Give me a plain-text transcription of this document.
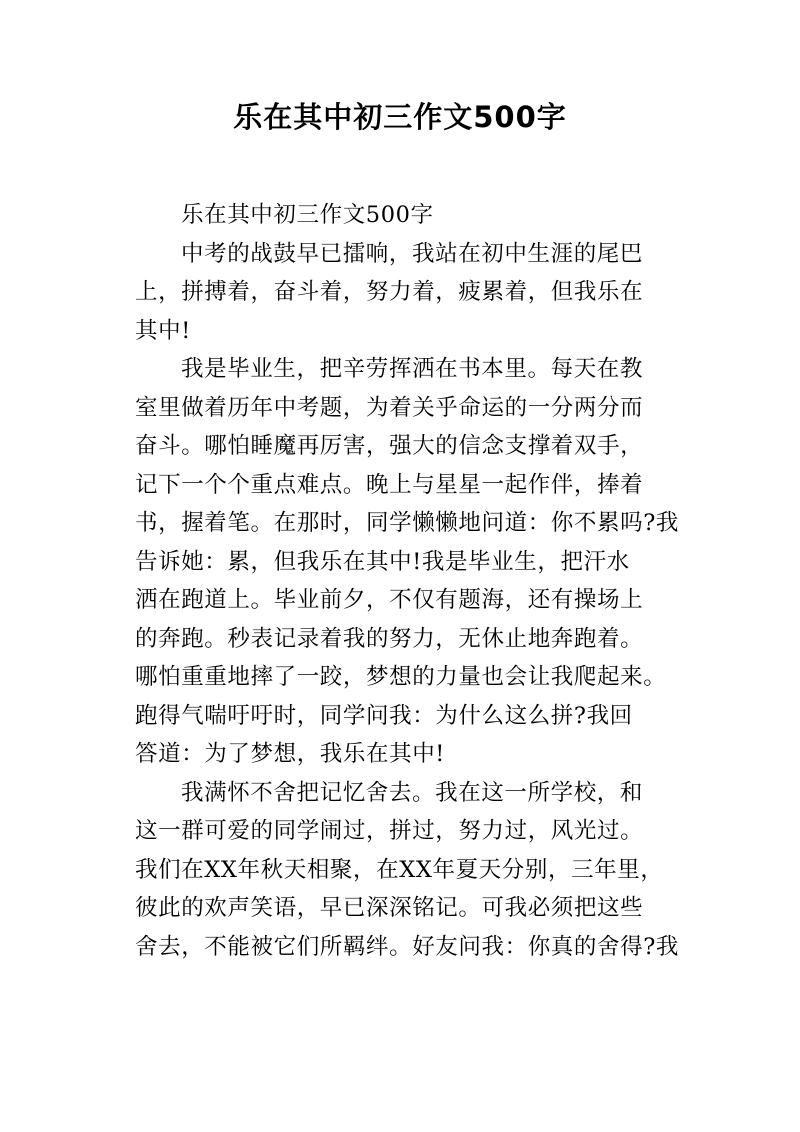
乐在其中初三作文500字
乐在其中初三作文500字
中考的战鼓早已擂响，我站在初中生涯的尾巴
上，拼搏着，奋斗着，努力着，疲累着，但我乐在
其中!
我是毕业生，把辛劳挥洒在书本里。每天在教
室里做着历年中考题，为着关乎命运的一分两分而
奋斗。哪怕睡魔再厉害，强大的信念支撑着双手，
记下一个个重点难点。晚上与星星一起作伴，捧着
书，握着笔。在那时，同学懒懒地问道：你不累吗?我
告诉她：累，但我乐在其中!我是毕业生，把汗水
洒在跑道上。毕业前夕，不仅有题海，还有操场上
的奔跑。秒表记录着我的努力，无休止地奔跑着。
哪怕重重地摔了一跤，梦想的力量也会让我爬起来。
跑得气喘吁吁时，同学问我：为什么这么拼?我回
答道：为了梦想，我乐在其中!
我满怀不舍把记忆舍去。我在这一所学校，和
这一群可爱的同学闹过，拼过，努力过，风光过。
我们在XX年秋天相聚，在XX年夏天分别，三年里，
彼此的欢声笑语，早已深深铭记。可我必须把这些
舍去，不能被它们所羁绊。好友问我：你真的舍得?我
